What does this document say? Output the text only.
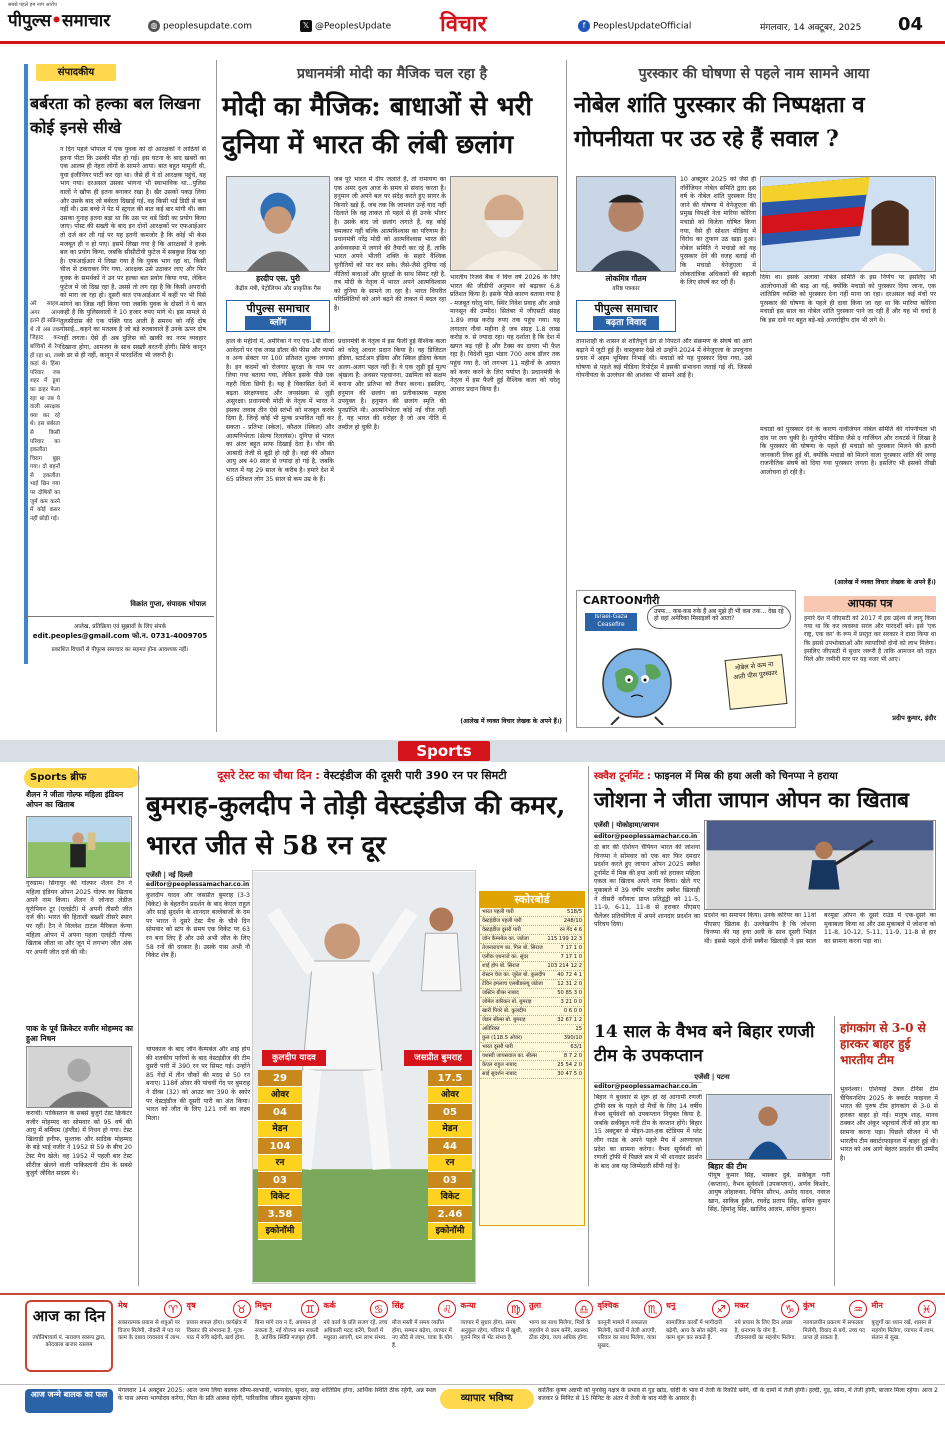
सबसे पहले हम नाम आरोप
पीपुल्स•समाचार	◍ peoplesupdate.com	𝕏 @PeoplesUpdate विचार	f PeoplesUpdateOfficial	मंगलवार, 14 अक्टूबर, 2025 04
संपादकीय
बर्बरता को हल्का बल लिखना कोई इनसे सीखे
न दिन पहले भोपाल में एक युवक को दो आरक्षकों ने लाठियों से इतना पीटा कि उसकी मौत हो गई। इस घटना के बाद खबरों का एक आलम ही नेहरा लोगों के सामने आया। बात बहुत मामूली थी, युवा इंजीनियर पार्टी कर रहा था। जैसे ही ये दो आरक्षक पहुंचे, वह भाग गया। दरअसल उसका भागना भी स्वाभाविक था...पुलिस वालों ने खौफ ही इतना बनाकर रखा है। खैर उसको पकड़ लिया और उसके बाद जो बर्बरता दिखाई गई, वह किसी थर्ड डिग्री से कम नहीं थी। उस बच्चे ने पेट में स्ट्रगल की बात कई बार मांगी थी। क्या उसका गुनाह इतना बड़ा था कि उस पर थर्ड डिग्री का प्रयोग किया जाए। पोस्ट की सख्ती के बाद इन दोनों आरक्षकों पर एफआईआर तो दर्ज कर ली गई पर यह इतनी कमजोर है कि कोई भी केस मजबूत ही न हो पाए। इसमें लिखा गया है कि आरक्षकों ने हल्के बल का प्रयोग किया, जबकि सीसीटीवी फुटेज में सबकुछ दिख रहा है। एफआईआर में लिखा गया है कि युवक भाग रहा था, किसी चीज से टकराकर गिर गया, आरक्षक उसे उठाकर लाए और फिर युवक के समर्थकों ने उन पर हल्का बल प्रयोग किया गया, लेकिन फुटेज में जो दिख रहा है, उससे तो लग रहा है कि किसी अपराधी को मारा जा रहा हो। दूसरी बात एफआईआर में कहीं पर भी पिसे मांगने का जिक्र नहीं किया गया जबकि युवक के दोस्तों ने ये बात कही है कि पुलिसवालों ने 10 हजार रुपए मांगे थे। इस मामले से तुलसीदास की एक पंक्ति याद आती है समरथ को नहिं दोष गोसाईं...कहने का मतलब है जो बड़े रुतबावाले हैं उनके ऊपर दोष नहीं लगता। ऐसे ही अब पुलिस को खाकी का नरम व्यवहार दिखाना होगा, आमजन के साथ सख्ती बरतनी होगी। सिर्फ कानून के डर से ही नहीं, कानून में पारदर्शिता भी जरूरी है।
अरे साहब, अगर आप इतने ही सक्रिय थे तो अब तक जिहाद कर बच्चियों से रेप हो रहा था, तब कहां थे। हिंसा परिवार जब शहर में डूबा का डाहर फेला रहा था तब ये वाली आरक्षक क्या कर रहे थे। इस बर्बरता से किसी परिवार का इकलौता चिराग बुझ गया। दो बहनों से इकलौता भाई छिन गया पर दोषियों का जुर्म कम करने में कोई कसर नहीं छोड़ी गई।
विक्रांत गुप्ता, संपादक भोपाल
आलेख, प्रतिक्रिया एवं सुझावों के लिए संपर्क
edit.peoples@gmail.com फो.न. 0731-4009705
प्रकाशित विचारों से पीपुल्स समाचार का सहमत होना आवश्यक नहीं।
प्रधानमंत्री मोदी का मैजिक चल रहा है
मोदी का मैजिक: बाधाओं से भरी दुनिया में भारत की लंबी छलांग
हरदीप एस. पुरी
केंद्रीय मंत्री, पेट्रोलियम और प्राकृतिक गैस
पीपुल्स समाचार
ब्लॉग
जब पूरे भारत में दीप जलाते हैं, तो रामायण का एक अमर दृश्य आज के समय से संवाद करता है। हनुमान जी अपने बल पर संदेह करते हुए सागर के किनारे खड़े हैं, जब तक कि जामवंत उन्हें याद नहीं दिलाते कि वह ताकत तो पहले से ही उनके भीतर है। उसके बाद जो छलांग लगाते हैं, वह कोई चमत्कार नहीं बल्कि आत्मविश्वास का परिणाम है। प्रधानमंत्री नरेंद्र मोदी को आत्मविश्वास भारत की अर्थव्यवस्था में जगाने की तैयारी कर रहे हैं, ताकि भारत अपने भीतरी शक्ति के सहारे वैश्विक चुनौतियों को पार कर सके। जैसे-जैसे दुनिया नई नीतियों बाधाओं और सुरक्षों के साथ सिमट रही है, तब मोदी के नेतृत्व में भारत अपने आत्मविश्वास को दुनिया के सामने ला रहा है। भारत विपरीत परिस्थितियों को आगे बढ़ने की ताकत में बदल रहा है।
हाल के महीनों में, अमेरिका ने नए एच-1बी वीजा आवेदनों पर एक लाख डॉलर की फीस और फार्मा व अन्य सेक्टर पर 100 प्रतिशत शुल्क लगाया है। इन कदमों को रोजगार सुरक्षा के नाम पर लिया गया बताया गया, लेकिन इसके पीछे एक गहरी चिंता छिपी है। यह है विकासित देशों में बढ़ता संरक्षणवाद और जनसंख्या से जुड़ी असुरक्षा। प्रधानमंत्री मोदी के नेतृत्व में भारत ने इसका जवाब तीन ऐसे स्तंभों को मजबूत करके दिया है, जिन्हें कोई भी मुल्क प्रभावित नहीं कर सकता - प्रतिभा (स्केल), कौशल (स्किल) और आत्मनिर्भरता (सेल्फ रिलायंस)। दुनिया से भारत का अंतर बहुत साफ दिखाई देता है। चीन की आबादी तेजी से बूढ़ी हो रही है। वहां की औसत आयु अब 40 साल से ज्यादा हो गई है, जबकि भारत में यह 29 साल के करीब है। हमारे देश में 65 प्रतिशत लोग 35 साल से कम उम्र के हैं।
प्रधानमंत्री के नेतृत्व में इस फैली हुई वैश्विक कला को चरेलू आधार प्रदान किया है। वह डिजिटल इंडिया, स्टार्टअप इंडिया और स्किल इंडिया केवल अलग-अलग पहल नहीं हैं। ये एक जुड़ी हुई मूल्य श्रृंखला है: अवसर पहचानना, उद्यमिता को सक्षम बनाना और प्रतिभा को तैयार करना। इसलिए, हनुमान की छलांग का प्रतीकात्मक महत्व उपयुक्त है। हनुमान की छलांग स्मृति की पुनर्प्राप्ति थी। आत्मनिर्भरता कोई नई चीज नहीं है, यह भारत की धरोहर है जो अब नीति में तब्दील हो चुकी है।
भारतीय रिजर्व बैंक ने वित्त वर्ष 2026 के लिए भारत की जीडीपी अनुमान को बढ़ाकर 6.8 प्रतिशत किया है। इसके पीछे कारण बताया गया है - मजबूत घरेलू मांग, स्थिर निवेश प्रवाह और अच्छे मानसून की उम्मीद। सितंबर में जीएसटी संग्रह 1.89 लाख करोड़ रुपए तक पहुंच गया। यह लगातार नौवां महीना है जब संग्रह 1.8 लाख करोड़ रु. से ज्यादा रहा। यह दर्शाता है कि देश में खपत बढ़ रही है और टैक्स का दायरा भी फैल रहा है। विदेशी मुद्रा भंडार 700 अरब डॉलर तक पहुंच गया है, जो लगभग 11 महीनों के आयात को कवर करने के लिए पर्याप्त है। प्रधानमंत्री के नेतृत्व में इस फैली हुई वैश्विक कला को चरेलू आधार प्रदान किया है।
(आलेख में व्यक्त विचार लेखक के अपने हैं।)
पुरस्कार की घोषणा से पहले नाम सामने आया
नोबेल शांति पुरस्कार की निष्पक्षता व गोपनीयता पर उठ रहे हैं सवाल ?
लोकमित्र गौतम
वरिष्ठ पत्रकार
पीपुल्स समाचार
बढ़ता विवाद
10 अक्टूबर 2025 को जैसे ही नॉर्वेजियन नोबेल समिति द्वारा इस वर्ष के नोबेल शांति पुरस्कार दिए जाने की घोषणा में वेनेजुएला की प्रमुख विपक्षी नेता मारिया कोरिना मचाडो को विजेता घोषित किया गया, वैसे ही सोशल मीडिया में विरोध का तूफान उठ खड़ा हुआ। नोबेल समिति ने मचाडो को यह पुरस्कार देने की वजह बताई थी कि मचाडो वेनेजुएला में लोकतांत्रिक अधिकारों की बहाली के लिए संघर्ष कर रही हैं।
तानाशाही के शासन से शांतिपूर्ण ढंग से निपटने और संक्रमण के संघर्ष को आगे बढ़ाने में जुटी हुई हैं। वास्तुकार देखें तो उन्होंने 2024 में वेनेजुएला के उपचुनाव प्रचार में अहम भूमिका निभाई थी। मचाडो को यह पुरस्कार दिया गया, उसे घोषणा से पहले कई मीडिया रिपोर्ट्स में इसकी संभावना जताई गई थी, जिससे गोपनीयता के उल्लंघन की आशंका भी सामने आई है।
दिया था। इसके अलावा नोबेल समिति के इस निर्णय पर इसलिए भी आलोचनाओं की बाढ़ आ गई, क्योंकि मचाडो को पुरस्कार दिया जाना, एक शांतिप्रिय व्यक्ति को पुरस्कार देना नहीं माना जा रहा। दरअसल कई मंचों पर पुरस्कार की घोषणा के पहले ही दावा किया जा रहा था कि मारिया कोरिना मचाडो इस साल का नोबेल शांति पुरस्कार पाने जा रही हैं और यह भी चर्चा है कि इस दावे पर बहुत बड़े-बड़े अन्तर्राष्ट्रीय दांव भी लगे थे।
मचाडो को पुरस्कार देने के कारण नार्वेजियन नोबेल समिति की गोपनीयता भी दांव पर लग चुकी है। यूरोपीय मीडिया जैसे द गार्जियन और रायटर्स ने लिखा है कि पुरस्कार की घोषणा के पहले ही मचाडो को पुरस्कार मिलने की इतनी जानकारी लिक हुई थी, क्योंकि मचाडो को मिलने वाला पुरस्कार शांति की जगह राजनीतिक संघर्ष को दिया गया पुरस्कार लगता है। इसलिए भी इसको तीखी आलोचना हो रही है।
(आलेख में व्यक्त विचार लेखक के अपने हैं।)
CARTOONगीरी
उफ्फ... कब-कब रुके हैं अब मुझे ही भी कब तक... देख रहे हो वहां अमेरिका मिसाइलों को आता?
Israel-Gaza Ceasefire
नोबेल से कम ना आती पीस पुरस्कार
आपका पत्र
हमारे देश में जीएसटी को 2017 में इस उद्देश्य से लागू किया गया था कि कर व्यवस्था सरल और पारदर्शी बने। इसे 'एक राष्ट्र, एक कर' के रूप में प्रस्तुत कर सरकार ने दावा किया था कि इससे उपभोक्ताओं और व्यापारियों दोनों को लाभ मिलेगा। इसलिए जीएसटी में सुधार जरूरी है ताकि आमजन को राहत मिले और जमीनी स्तर पर यह नजर भी आए।
प्रदीप कुमार, इंदौर
Sports
Sports ब्रीफ
शैलन ने जीता गोल्फ महिला इंडियन ओपन का खिताब
गुरुग्राम। सिंगापुर की गोल्फर शैलन टैन ने महिला इंडियन ओपन 2025 गोल्फ का खिताब अपने नाम किया। शैलन ने जोनारा लेडीज यूरोपियन टूर (एलईटी) में अपनी तीसरी जीत दर्ज की। भारत की हिताशी बख्शी तीसरे स्थान पर रहीं। टैन ने विल्लेश टाटल मैरिकल केन्या महिला ओपन में अपना पहला एलईटी गोल्फ खिताब जीता था और जून में लगभग जीत अंक पर अपनी जीत दर्ज की थी।
पाक के पूर्व क्रिकेटर वजीर मोहम्मद का हुआ निधन
कराची। पाकिस्तान के सबसे बुजुर्ग टेस्ट क्रिकेटर वजीर मोहम्मद का सोमवार को 95 वर्ष की आयु में बर्मिघम (इंग्लैंड) में निधन हो गया। टेस्ट खिलाड़ी हनीफ, मुश्ताक और सादिक मोहम्मद के बड़े भाई वजीर ने 1952 से 59 के बीच 20 टेस्ट मैच खेले। वह 1952 में पहली बार टेस्ट सीरीज खेलने वाली पाकिस्तानी टीम के सबसे बुजुर्ग जीवित सदस्य थे।
दूसरे टेस्ट का चौथा दिन : वेस्टइंडीज की दूसरी पारी 390 रन पर सिमटी
बुमराह-कुलदीप ने तोड़ी वेस्टइंडीज की कमर, भारत जीत से 58 रन दूर
एजेंसी | नई दिल्ली
editor@peoplessamachar.co.in
कुलदीप यादव और जसप्रीत बुमराह (3-3 विकेट) के बेहतरीन प्रदर्शन के बाद केएल राहुल और साई सुदर्शन के शानदार बल्लेबाजों के दम पर भारत ने दूसरे टेस्ट मैच के चौथे दिन सोमवार को स्टंप के समय एक विकेट पर 63 रन बना लिए हैं और उसे अभी जीत के लिए 58 रनों की दरकार है। उसके पास अभी नौ विकेट शेष हैं।
चायकाल के बाद जॉन कैम्पबेल और शाई होप की शतकीय पारियों के बाद वेस्टइंडीज की टीम दूसरी पारी में 390 रन पर सिमट गई। उन्होंने 85 गेंदों में तीन चौकों की मदद से 50 रन बनाए। 118वें ओवर की पांचवीं गेंद पर बुमराह ने ग्रीव्स (32) को आउट कर 390 के स्कोर पर वेस्टइंडीज की दूसरी पारी का अंत किया। भारत को जीत के लिए 121 रनों का लक्ष्य मिला।
कुलदीप यादव	जसप्रीत बुमराह
29
ओवर
04
मेडन
104
रन
03
विकेट
3.58
इकोनॉमी
17.5
ओवर
05
मेडन
44
रन
03
विकेट
2.46
इकोनॉमी
स्कोरबोर्ड
भारत पहली पारी	518/5
वेस्टइंडीज पहली पारी	248/10
वेस्टइंडीज दूसरी पारी	रन गेंद 4 6
जॉन कैम्पबेल का. जडेजा	115 199 12 3
तेजनारायण का. गिल बो. सिराज	7 17 1 0
एलीक एथनाजे का. सुंदर	7 17 1 0
शाई होप बो. सिराज	103 214 12 2
रोस्टन चेज का. जुरेल बो. कुलदीप 40 72 4 1
टेविन इमलाच एलबीडब्ल्यू जडेजा	12 31 2 0
जस्टिन ग्रीव्स नाबाद	50 85 3 0
जोमेल वारिकन बो. बुमराह	3 21 0 0
खारी पियरे बो. कुलदीप	0 6 0 0
जेडन सील्स बो. बुमराह	32 67 1 2
अतिरिक्त	15
कुल (118.5 ओवर)	390/10
भारत दूसरी पारी	63/1
यशस्वी जायसवाल का. सील्स	8 7 2 0
केएल राहुल नाबाद	25 54 2 0
साई सुदर्शन नाबाद	30 47 5 0
स्क्वैश टूर्नामेंट : फाइनल में मिस्र की हया अली को चिनप्पा ने हराया
जोशना ने जीता जापान ओपन का खिताब
एजेंसी | योकोहामा/जापान
editor@peoplessamachar.co.in
दो बार की एशियन चैंपियन भारत की जोशना चिनप्पा ने सोमवार को एक बार फिर दमदार प्रदर्शन करते हुए जापान ओपन 2025 स्क्वैश टूर्नामेंट में मिस्र की हया अली को हराकर महिला एकल का खिताब अपने नाम किया। खेले गए मुकाबले में 39 वर्षीय भारतीय स्क्वैश खिलाड़ी ने तीसरी वरीयता प्राप्त प्रतिद्वंद्वी को 11-5, 11-9, 6-11, 11-8 से हराकर पीएसए चैलेंजर प्रतियोगिता में अपने शानदार प्रदर्शन का परिचय दिया।
प्रदर्शन का समापन किया। उनके करियर का 11वां पीएसए खिताब है। उल्लेखनीय है कि जोशना चिनप्पा की यह हया अली के साथ दूसरी भिड़ंत थी। इससे पहले दोनों स्क्वैश खिलाड़ी ने इस साल बरमूडा ओपन के दूसरे राउंड में एक-दूसरे का मुकाबला किया था और उस मुकाबले में जोशना को 11-8, 10-12, 5-11, 11-9, 11-8 से हार का सामना करना पड़ा था।
14 साल के वैभव बने बिहार रणजी टीम के उपकप्तान
एजेंसी | पटना
editor@peoplessamachar.co.in
बिहार ने बुधवार से शुरू हो रहे आगामी रणजी ट्रॉफी सत्र के पहले दो मैचों के लिए 14 वर्षीय वैभव सूर्यवंशी को उपकप्तान नियुक्त किया है, जबकि सकीबुल गनी टीम के कप्तान होंगे। बिहार 15 अक्टूबर से मोइन-उल-हक स्टेडियम में प्लेट लीग राउंड के अपने पहले मैच में अरुणाचल प्रदेश का सामना करेगा। वैभव सूर्यवंशी को रणजी ट्रॉफी में पिछले सत्र में भी शानदार प्रदर्शन के बाद अब यह जिम्मेदारी सौंपी गई है।	बिहार की टीम
पीयूष कुमार सिंह, भास्कर दुबे, सकीबुल गनी (कप्तान), वैभव सूर्यवंशी (उपकप्तान), अर्णव किशोर, आयुष लोहारुका, विपिन सौरभ, अमोद यादव, नवाज खान, साकिब हुसैन, रघवेंद्र प्रताप सिंह, सचिन कुमार सिंह, हिमांशु सिंह, खालिद आलम, सचिन कुमार।
हांगकांग से 3-0 से हारकर बाहर हुई भारतीय टीम
भुवनेश्वर। एशियाई टेबल टेनिस टीम चैंपियनशिप 2025 के क्वार्टर फाइनल में भारत की पुरुष टीम हांगकांग से 3-0 से हारकर बाहर हो गई। मानुष शाह, मानव ठक्कर और अंकुर भट्टाचार्य तीनों को हार का सामना करना पड़ा। पिछले सीजन में भी भारतीय टीम क्वार्टरफाइनल में बाहर हुई थी। भारत को अब आगे बेहतर प्रदर्शन की उम्मीद है।
आज का दिन
ज्योतिषाचार्य पं. नारायण स्वरूप द्वारा, कोदवाला बाजार रतलाम
मेष	♈
सकारात्मक प्रयास से शत्रुओं पर विजय मिलेगी, नौकरी में पद पर काम के दबाव व्यवसाय में लाभ.
वृष	♉
प्रयास सफल होगा। कार्यक्षेत्र में विस्तार की संभावना है, पूजा-पाठ में रुचि बढ़ेगी, खर्च होगा.
मिथुन	♊
बिना मांगे राय न दें, अपमान हो सकता है, नई योजना बन सकती है, आर्थिक स्थिति मजबूत होगी.
कर्क	♋
नये कार्य के प्रति सजग रहें, उच्च अधिकारी मदद करेंगे, रिश्तों में मधुरता आएगी, धन लाभ संभव.
सिंह	♌
मौज मस्ती में समय व्यतीत होगा, सम्मान बढ़ेगा, व्यापार में नए सौदे से लाभ, यात्रा के योग हैं.
कन्या	♍
व्यापार में सुधार होगा, समय अनुकूल रहेगा, परिवार में खुशी, पुराने मित्र से भेंट संभव है.
तुला	♎
भाग्य का साथ मिलेगा, मित्रों के सहयोग से काम बनेंगे, स्वास्थ्य ठीक रहेगा, व्यय अधिक होगा.
वृश्चिक	♏
कानूनी मामले में सफलता मिलेगी, कार्यों में तेजी आएगी, परिवार का साथ मिलेगा, यात्रा सुखद.
धनु	♐
सामाजिक कार्यों में भागीदारी बढ़ेगी, आय के स्रोत बढ़ेंगे, नया काम शुरू कर सकते हैं.
मकर	♑
नये प्रयास के लिए दिन अच्छा है, धनागम के योग हैं, जीवनसाथी का सहयोग मिलेगा.
कुंभ	♒
न्यायालयीन प्रकरण में सफलता मिलेगी, विवाद से बचें, उच्च पद प्राप्त हो सकता है.
मीन	♓
बुजुर्गों का ध्यान रखें, शासन से सहयोग मिलेगा, व्यापार में लाभ, संतान से सुख.
आज जन्मे बालक का फल	मंगलवार 14 अक्टूबर 2025: आज जन्म लिया बालक सौम्य-स्वभावी, भाग्यवंत, सुन्दर, सदा शांतिप्रिय होगा, आर्थिक स्थिति ठीक रहेगी, अन्न स्थल के पास अपना भाग्योदय करेगा, पिता के प्रति आस्था रहेगी, पारिवारिक जीवन सुखमय रहेगा।	व्यापार भविष्य
कार्तिक कृष्ण अष्टमी को पुनर्वसु नक्षत्र के प्रभाव से गुड़ खांड, चांदी के भाव में तेजी के रिकॉर्ड बनेंगे, घी के दामों में तेजी होगी। हल्दी, गुड़, सोना, में तेजी होगी, बाजार मिला रहेगा। आज 2 बजकर 9 मिनिट से 15 मिनिट के अंतर में तेजी के बाद मंदी के आसार हैं।
